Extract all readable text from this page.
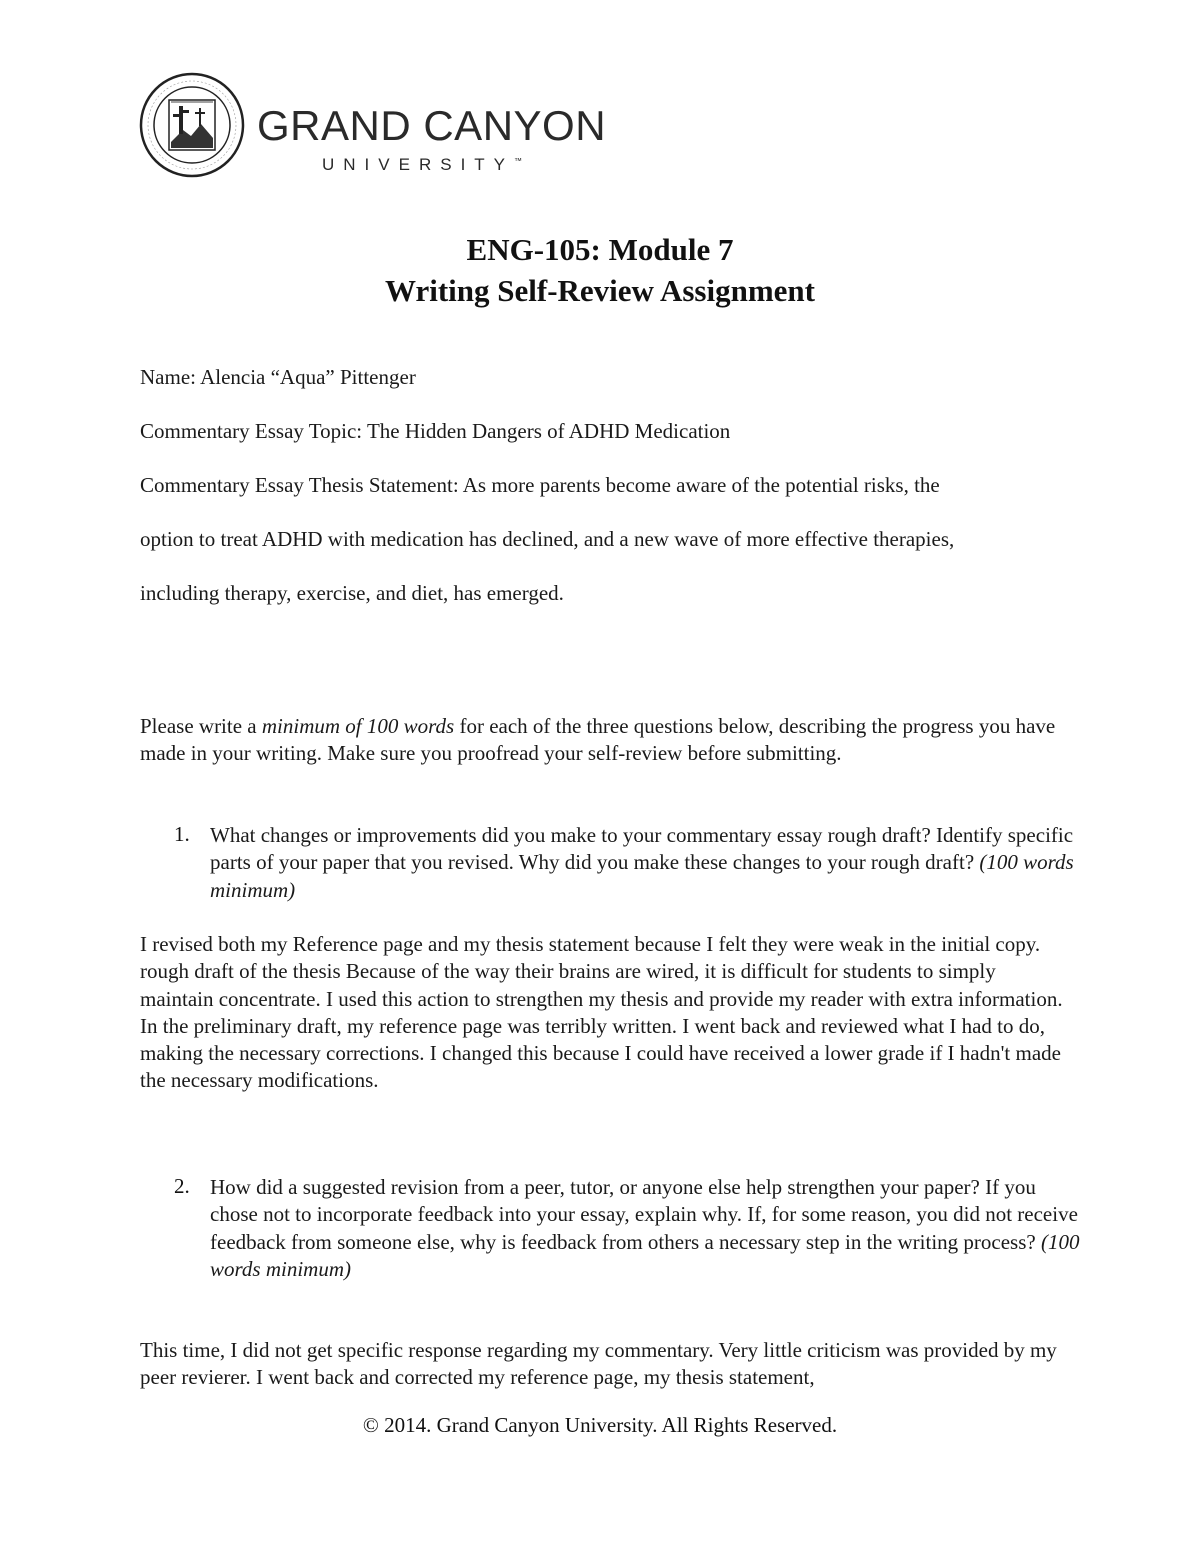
GRAND CANYON
UNIVERSITY™
ENG-105: Module 7
Writing Self-Review Assignment
Name: Alencia “Aqua” Pittenger
Commentary Essay Topic: The Hidden Dangers of ADHD Medication
Commentary Essay Thesis Statement: As more parents become aware of the potential risks, the
option to treat ADHD with medication has declined, and a new wave of more effective therapies,
including therapy, exercise, and diet, has emerged.
Please write a minimum of 100 words for each of the three questions below, describing the progress you have made in your writing. Make sure you proofread your self-review before submitting.
1. What changes or improvements did you make to your commentary essay rough draft? Identify specific parts of your paper that you revised. Why did you make these changes to your rough draft? (100 words minimum)
I revised both my Reference page and my thesis statement because I felt they were weak in the initial copy. rough draft of the thesis Because of the way their brains are wired, it is difficult for students to simply maintain concentrate. I used this action to strengthen my thesis and provide my reader with extra information. In the preliminary draft, my reference page was terribly written. I went back and reviewed what I had to do, making the necessary corrections. I changed this because I could have received a lower grade if I hadn't made the necessary modifications.
2. How did a suggested revision from a peer, tutor, or anyone else help strengthen your paper? If you chose not to incorporate feedback into your essay, explain why. If, for some reason, you did not receive feedback from someone else, why is feedback from others a necessary step in the writing process? (100 words minimum)
This time, I did not get specific response regarding my commentary. Very little criticism was provided by my peer revierer. I went back and corrected my reference page, my thesis statement,
© 2014. Grand Canyon University. All Rights Reserved.
